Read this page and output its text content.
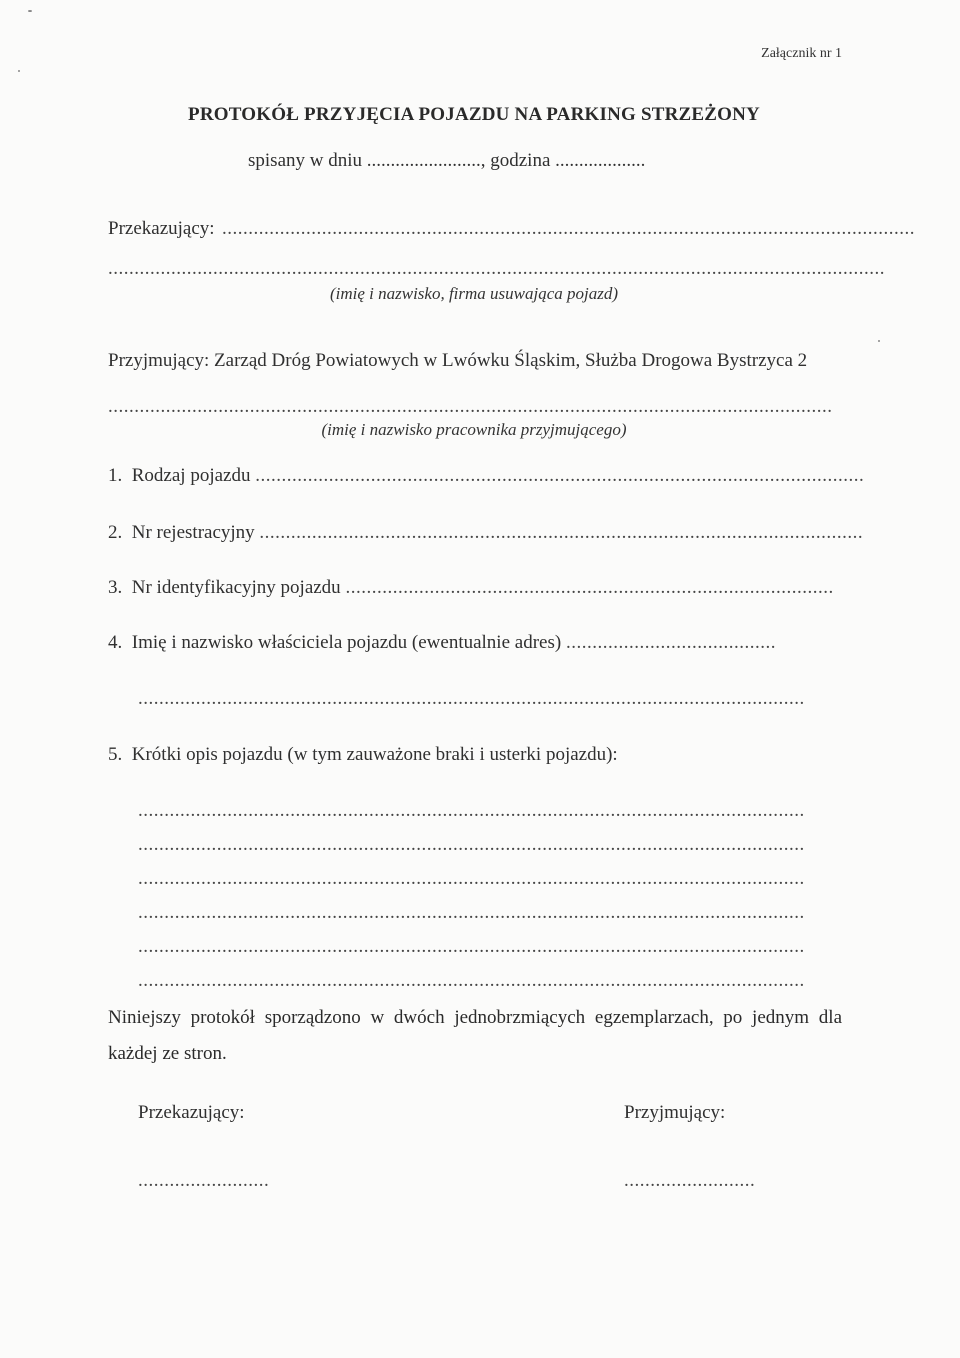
Załącznik nr 1
PROTOKÓŁ PRZYJĘCIA POJAZDU NA PARKING STRZEŻONY
spisany w dniu ........................, godzina ...................
Przekazujący: ....................................................................................................................................
....................................................................................................................................................
(imię i nazwisko, firma usuwająca pojazd)
Przyjmujący: Zarząd Dróg Powiatowych w Lwówku Śląskim, Służba Drogowa Bystrzyca 2
..........................................................................................................................................
(imię i nazwisko pracownika przyjmującego)
1. Rodzaj pojazdu ....................................................................................................................
2. Nr rejestracyjny ...................................................................................................................
3. Nr identyfikacyjny pojazdu .............................................................................................
4. Imię i nazwisko właściciela pojazdu (ewentualnie adres) ........................................
...............................................................................................................................
5. Krótki opis pojazdu (w tym zauważone braki i usterki pojazdu):
...............................................................................................................................
...............................................................................................................................
...............................................................................................................................
...............................................................................................................................
...............................................................................................................................
...............................................................................................................................
Niniejszy protokół sporządzono w dwóch jednobrzmiących egzemplarzach, po jednym dla
każdej ze stron.
Przekazujący:	Przyjmujący:
.........................	.........................
